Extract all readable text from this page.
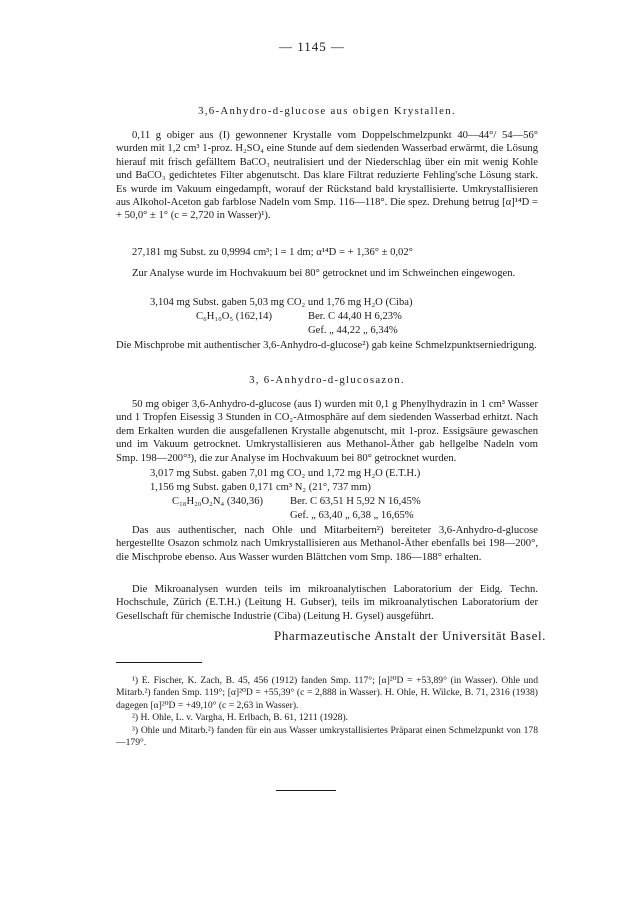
— 1145 —
3,6-Anhydro-d-glucose aus obigen Krystallen.

0,11 g obiger aus (I) gewonnener Krystalle vom Doppelschmelzpunkt 40—44°/ 54—56° wurden mit 1,2 cm³ 1-proz. H₂SO₄ eine Stunde auf dem siedenden Wasserbad erwärmt, die Lösung hierauf mit frisch gefälltem BaCO₃ neutralisiert und der Niederschlag über ein mit wenig Kohle und BaCO₃ gedichtetes Filter abgenutscht. Das klare Filtrat reduzierte Fehling'sche Lösung stark. Es wurde im Vakuum eingedampft, worauf der Rückstand bald krystallisierte. Umkrystallisieren aus Alkohol-Aceton gab farblose Nadeln vom Smp. 116—118°. Die spez. Drehung betrug [α]¹⁴D = + 50,0° ± 1° (c = 2,720 in Wasser)¹).

27,181 mg Subst. zu 0,9994 cm³; l = 1 dm; α¹⁴D = + 1,36° ± 0,02°

Zur Analyse wurde im Hochvakuum bei 80° getrocknet und im Schweinchen eingewogen.

3,104 mg Subst. gaben 5,03 mg CO₂ und 1,76 mg H₂O (Ciba)
C₆H₁₀O₅ (162,14)	Ber. C 44,40 H 6,23%
Gef. „ 44,22 „ 6,34%

Die Mischprobe mit authentischer 3,6-Anhydro-d-glucose²) gab keine Schmelzpunktserniedrigung.

3, 6-Anhydro-d-glucosazon.

50 mg obiger 3,6-Anhydro-d-glucose (aus I) wurden mit 0,1 g Phenylhydrazin in 1 cm³ Wasser und 1 Tropfen Eisessig 3 Stunden in CO₂-Atmosphäre auf dem siedenden Wasserbad erhitzt. Nach dem Erkalten wurden die ausgefallenen Krystalle abgenutscht, mit 1-proz. Essigsäure gewaschen und im Vakuum getrocknet. Umkrystallisieren aus Methanol-Äther gab hellgelbe Nadeln vom Smp. 198—200°³), die zur Analyse im Hochvakuum bei 80° getrocknet wurden.

3,017 mg Subst. gaben 7,01 mg CO₂ und 1,72 mg H₂O (E.T.H.)
1,156 mg Subst. gaben 0,171 cm³ N₂ (21°, 737 mm)
C₁₈H₂₀O₂N₄ (340,36)	Ber. C 63,51 H 5,92 N 16,45%
Gef. „ 63,40 „ 6,38 „ 16,65%

Das aus authentischer, nach Ohle und Mitarbeitern²) bereiteter 3,6-Anhydro-d-glucose hergestellte Osazon schmolz nach Umkrystallisieren aus Methanol-Äther ebenfalls bei 198—200°, die Mischprobe ebenso. Aus Wasser wurden Blättchen vom Smp. 186—188° erhalten.

Die Mikroanalysen wurden teils im mikroanalytischen Laboratorium der Eidg. Techn. Hochschule, Zürich (E.T.H.) (Leitung H. Gubser), teils im mikroanalytischen Laboratorium der Gesellschaft für chemische Industrie (Ciba) (Leitung H. Gysel) ausgeführt.

Pharmazeutische Anstalt der Universität Basel.
¹) E. Fischer, K. Zach, B. 45, 456 (1912) fanden Smp. 117°; [α]²⁰D = +53,89° (in Wasser). Ohle und Mitarb.²) fanden Smp. 119°; [α]²⁰D = +55,39° (c = 2,888 in Wasser). H. Ohle, H. Wilcke, B. 71, 2316 (1938) dagegen [α]²⁰D = +49,10° (c = 2,63 in Wasser).
²) H. Ohle, L. v. Vargha, H. Erlbach, B. 61, 1211 (1928).
³) Ohle und Mitarb.²) fanden für ein aus Wasser umkrystallisiertes Präparat einen Schmelzpunkt von 178—179°.
